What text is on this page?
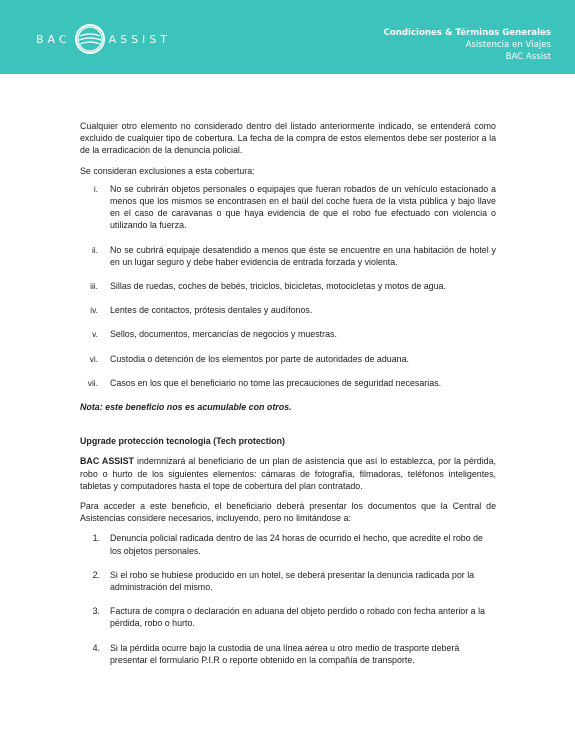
BAC	ASSIST	Condiciones & Términos Generales
Asistencia en Viajes
BAC Assist

Cualquier otro elemento no considerado dentro del listado anteriormente indicado, se entenderá como excluido de cualquier tipo de cobertura. La fecha de la compra de estos elementos debe ser posterior a la de la erradicación de la denuncia policial.

Se consideran exclusiones a esta cobertura:

i.	No se cubrirán objetos personales o equipajes que fueran robados de un vehículo estacionado a menos que los mismos se encontrasen en el baúl del coche fuera de la vista pública y bajo llave en el caso de caravanas o que haya evidencia de que el robo fue efectuado con violencia o utilizando la fuerza.
ii.	No se cubrirá equipaje desatendido a menos que éste se encuentre en una habitación de hotel y en un lugar seguro y debe haber evidencia de entrada forzada y violenta.
iii.	Sillas de ruedas, coches de bebés, triciclos, bicicletas, motocicletas y motos de agua.
iv.	Lentes de contactos, prótesis dentales y audífonos.
v.	Sellos, documentos, mercancías de negocios y muestras.
vi.	Custodia o detención de los elementos por parte de autoridades de aduana.
vii.	Casos en los que el beneficiario no tome las precauciones de seguridad necesarias.

Nota: este beneficio nos es acumulable con otros.

Upgrade protección tecnologia (Tech protection)

BAC ASSIST indemnizará al beneficiario de un plan de asistencia que así lo establezca, por la pérdida, robo o hurto de los siguientes elementos: cámaras de fotografía, filmadoras, teléfonos inteligentes, tabletas y computadores hasta el tope de cobertura del plan contratado.

Para acceder a este beneficio, el beneficiario deberá presentar los documentos que la Central de Asistencias considere necesarios, incluyendo, pero no limitándose a:

1.	Denuncia policial radicada dentro de las 24 horas de ocurrido el hecho, que acredite el robo de los objetos personales.
2.	Si el robo se hubiese producido en un hotel, se deberá presentar la denuncia radicada por la administración del mismo.
3.	Factura de compra o declaración en aduana del objeto perdido o robado con fecha anterior a la pérdida, robo o hurto.
4.	Si la pérdida ocurre bajo la custodia de una línea aérea u otro medio de trasporte deberá presentar el formulario P.I.R o reporte obtenido en la compañía de transporte.
